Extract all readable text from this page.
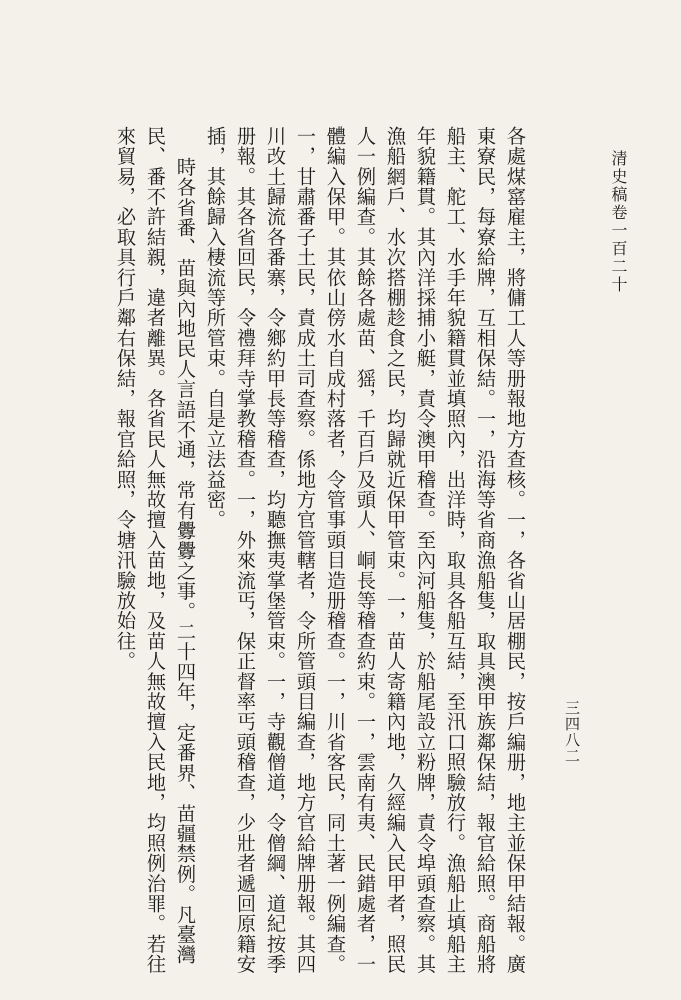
清史稿卷一百二十
三四八二

各處煤窰雇主，將傭工人等册報地方查核。一，各省山居棚民，按戶編册，地主並保甲結報。廣東寮民，每寮給牌，互相保結。一，沿海等省商漁船隻，取具澳甲族鄰保結，報官給照。商船將船主、舵工、水手年貌籍貫並填照內，出洋時，取具各船互結，至汛口照驗放行。漁船止填船主年貌籍貫。其內洋採捕小艇，責令澳甲稽查。至內河船隻，於船尾設立粉牌，責令埠頭查察。其漁船網戶、水次搭棚趁食之民，均歸就近保甲管束。一，苗人寄籍內地，久經編入民甲者，照民人一例編查。其餘各處苗、猺，千百戶及頭人、峒長等稽查約束。一，雲南有夷、民錯處者，一體編入保甲。其依山傍水自成村落者，令管事頭目造册稽查。一，川省客民，同土著一例編查。一，甘肅番子土民，責成土司查察。係地方官管轄者，令所管頭目編查，地方官給牌册報。其四川改土歸流各番寨，令鄉約甲長等稽查，均聽撫夷掌堡管束。一，寺觀僧道，令僧綱、道紀按季册報。其各省回民，令禮拜寺掌教稽查。一，外來流丐，保正督率丐頭稽查，少壯者遞回原籍安插，其餘歸入棲流等所管束。自是立法益密。

時各省番、苗與內地民人言語不通，常有釁釁之事。二十四年，定番界、苗疆禁例。凡臺灣民、番不許結親，違者離異。各省民人無故擅入苗地，及苗人無故擅入民地，均照例治罪。若往來貿易，必取具行戶鄰右保結，報官給照，令塘汛驗放始往。
